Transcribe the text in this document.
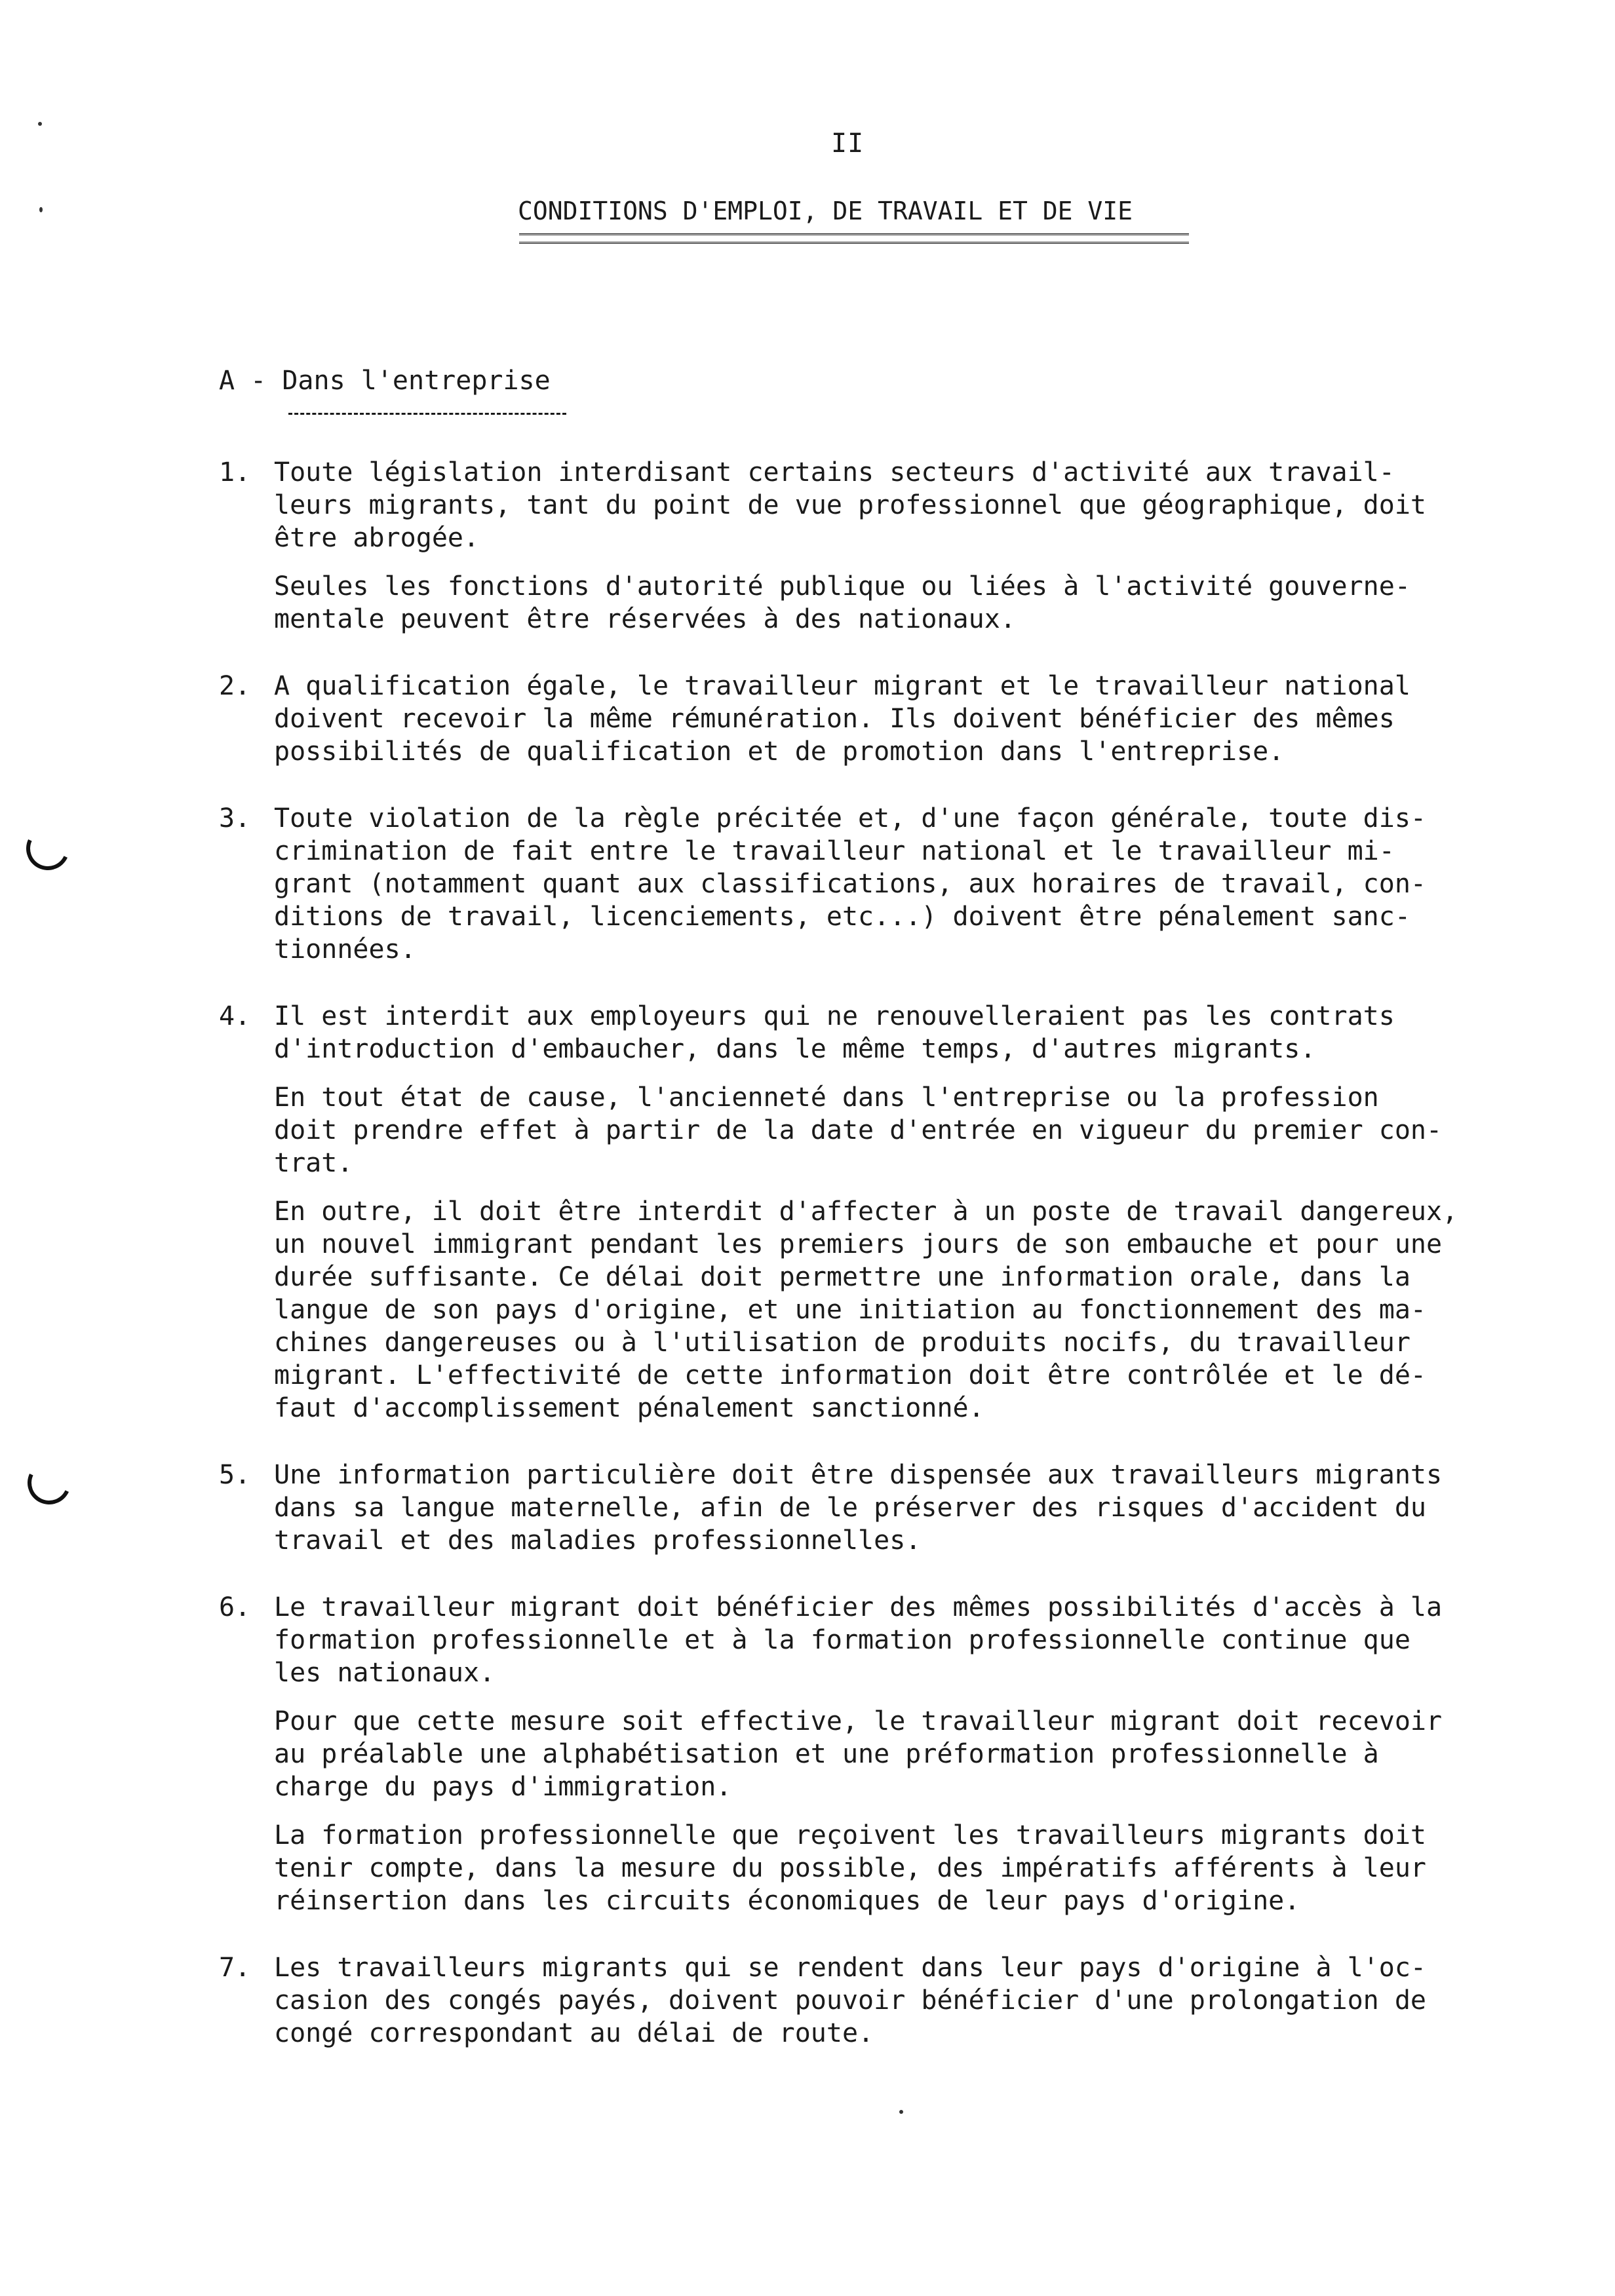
II
CONDITIONS D'EMPLOI, DE TRAVAIL ET DE VIE
A - Dans l'entreprise
1. Toute législation interdisant certains secteurs d'activité aux travail-
leurs migrants, tant du point de vue professionnel que géographique, doit
être abrogée.

Seules les fonctions d'autorité publique ou liées à l'activité gouverne-
mentale peuvent être réservées à des nationaux.

2. A qualification égale, le travailleur migrant et le travailleur national
doivent recevoir la même rémunération. Ils doivent bénéficier des mêmes
possibilités de qualification et de promotion dans l'entreprise.

3. Toute violation de la règle précitée et, d'une façon générale, toute dis-
crimination de fait entre le travailleur national et le travailleur mi-
grant (notamment quant aux classifications, aux horaires de travail, con-
ditions de travail, licenciements, etc...) doivent être pénalement sanc-
tionnées.

4. Il est interdit aux employeurs qui ne renouvelleraient pas les contrats
d'introduction d'embaucher, dans le même temps, d'autres migrants.

En tout état de cause, l'ancienneté dans l'entreprise ou la profession
doit prendre effet à partir de la date d'entrée en vigueur du premier con-
trat.

En outre, il doit être interdit d'affecter à un poste de travail dangereux,
un nouvel immigrant pendant les premiers jours de son embauche et pour une
durée suffisante. Ce délai doit permettre une information orale, dans la
langue de son pays d'origine, et une initiation au fonctionnement des ma-
chines dangereuses ou à l'utilisation de produits nocifs, du travailleur
migrant. L'effectivité de cette information doit être contrôlée et le dé-
faut d'accomplissement pénalement sanctionné.

5. Une information particulière doit être dispensée aux travailleurs migrants
dans sa langue maternelle, afin de le préserver des risques d'accident du
travail et des maladies professionnelles.

6. Le travailleur migrant doit bénéficier des mêmes possibilités d'accès à la
formation professionnelle et à la formation professionnelle continue que
les nationaux.

Pour que cette mesure soit effective, le travailleur migrant doit recevoir
au préalable une alphabétisation et une préformation professionnelle à
charge du pays d'immigration.

La formation professionnelle que reçoivent les travailleurs migrants doit
tenir compte, dans la mesure du possible, des impératifs afférents à leur
réinsertion dans les circuits économiques de leur pays d'origine.

7. Les travailleurs migrants qui se rendent dans leur pays d'origine à l'oc-
casion des congés payés, doivent pouvoir bénéficier d'une prolongation de
congé correspondant au délai de route.
